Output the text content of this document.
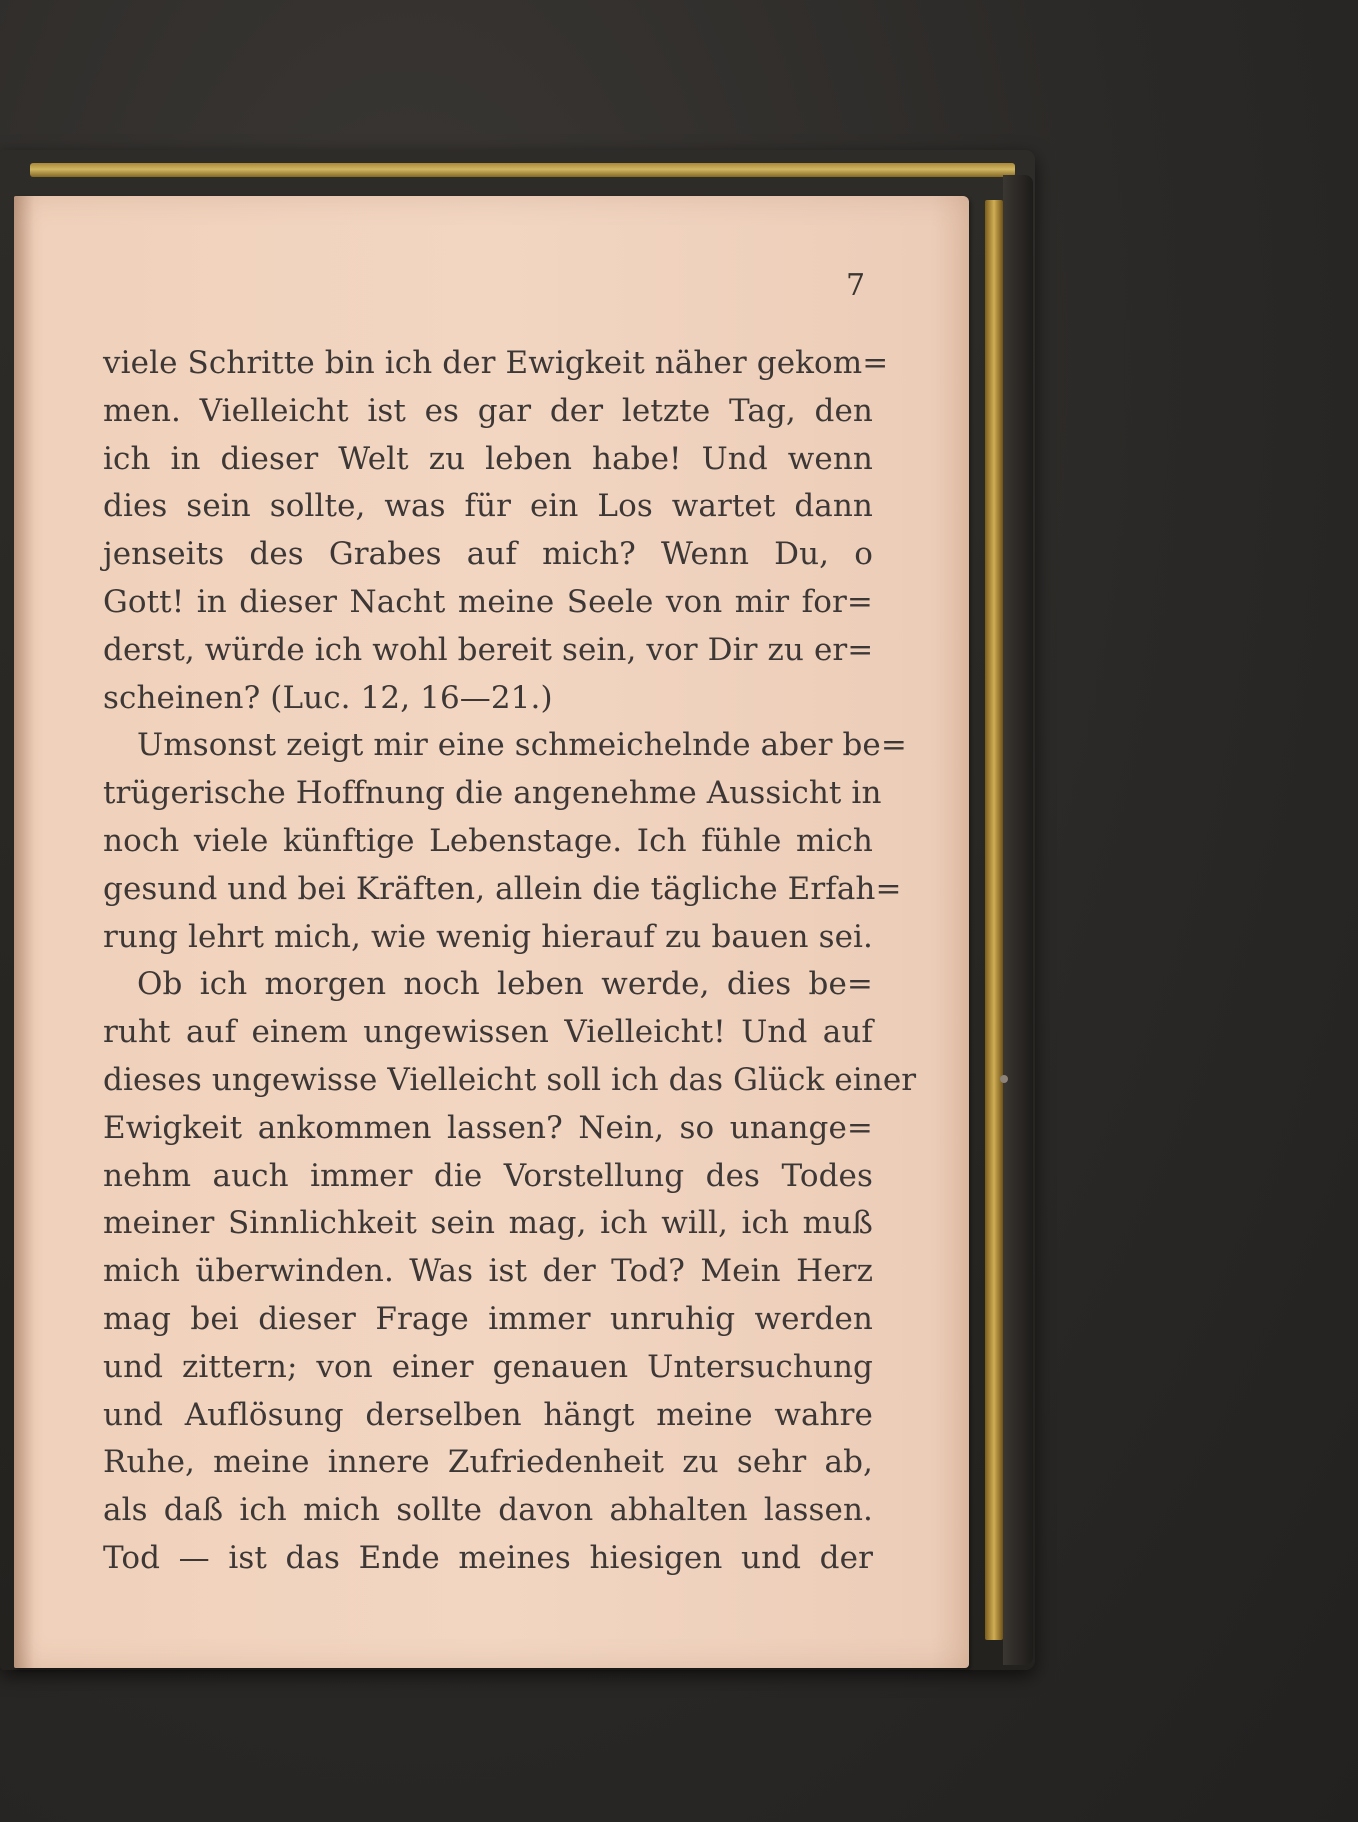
7

viele Schritte bin ich der Ewigkeit näher gekom=
men. Vielleicht ist es gar der letzte Tag, den
ich in dieser Welt zu leben habe! Und wenn
dies sein sollte, was für ein Los wartet dann
jenseits des Grabes auf mich? Wenn Du, o
Gott! in dieser Nacht meine Seele von mir for=
derst, würde ich wohl bereit sein, vor Dir zu er=
scheinen? (Luc. 12, 16—21.)
Umsonst zeigt mir eine schmeichelnde aber be=
trügerische Hoffnung die angenehme Aussicht in
noch viele künftige Lebenstage. Ich fühle mich
gesund und bei Kräften, allein die tägliche Erfah=
rung lehrt mich, wie wenig hierauf zu bauen sei.
Ob ich morgen noch leben werde, dies be=
ruht auf einem ungewissen Vielleicht! Und auf
dieses ungewisse Vielleicht soll ich das Glück einer
Ewigkeit ankommen lassen? Nein, so unange=
nehm auch immer die Vorstellung des Todes
meiner Sinnlichkeit sein mag, ich will, ich muß
mich überwinden. Was ist der Tod? Mein Herz
mag bei dieser Frage immer unruhig werden
und zittern; von einer genauen Untersuchung
und Auflösung derselben hängt meine wahre
Ruhe, meine innere Zufriedenheit zu sehr ab,
als daß ich mich sollte davon abhalten lassen.
Tod — ist das Ende meines hiesigen und der
